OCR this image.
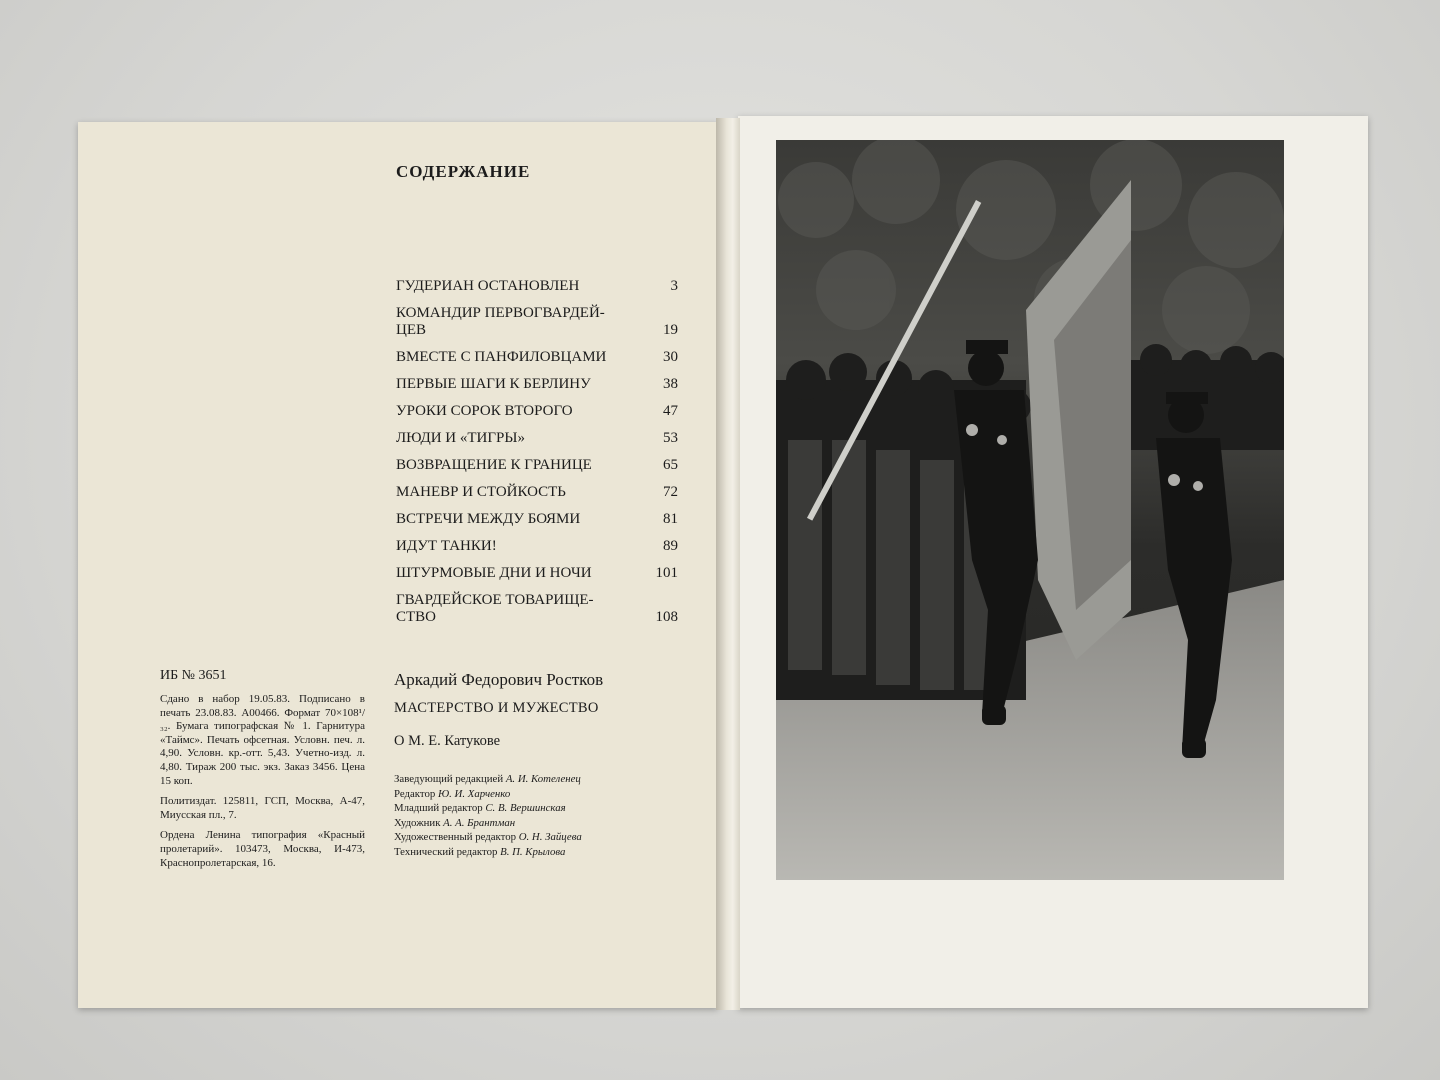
СОДЕРЖАНИЕ
ГУДЕРИАН ОСТАНОВЛЕН	3
КОМАНДИР ПЕРВОГВАРДЕЙ-
ЦЕВ	19
ВМЕСТЕ С ПАНФИЛОВЦАМИ	30
ПЕРВЫЕ ШАГИ К БЕРЛИНУ	38
УРОКИ СОРОК ВТОРОГО	47
ЛЮДИ И «ТИГРЫ»	53
ВОЗВРАЩЕНИЕ К ГРАНИЦЕ	65
МАНЕВР И СТОЙКОСТЬ	72
ВСТРЕЧИ МЕЖДУ БОЯМИ	81
ИДУТ ТАНКИ!	89
ШТУРМОВЫЕ ДНИ И НОЧИ	101
ГВАРДЕЙСКОЕ ТОВАРИЩЕ-
СТВО	108
ИБ № 3651

Сдано в набор 19.05.83. Подписано в печать 23.08.83. А00466. Формат 70×108¹/₃₂. Бумага типографская № 1. Гарнитура «Таймс». Печать офсетная. Условн. печ. л. 4,90. Условн. кр.-отт. 5,43. Учетно-изд. л. 4,80. Тираж 200 тыс. экз. Заказ 3456. Цена 15 коп.

Политиздат. 125811, ГСП, Москва, А-47, Миусская пл., 7.

Ордена Ленина типография «Красный пролетарий». 103473, Москва, И-473, Краснопролетарская, 16.

Аркадий Федорович Ростков
МАСТЕРСТВО И МУЖЕСТВО
О М. Е. Катукове
Заведующий редакцией А. И. Котеленец
Редактор Ю. И. Харченко
Младший редактор С. В. Вершинская
Художник А. А. Брантман
Художественный редактор О. Н. Зайцева
Технический редактор В. П. Крылова
